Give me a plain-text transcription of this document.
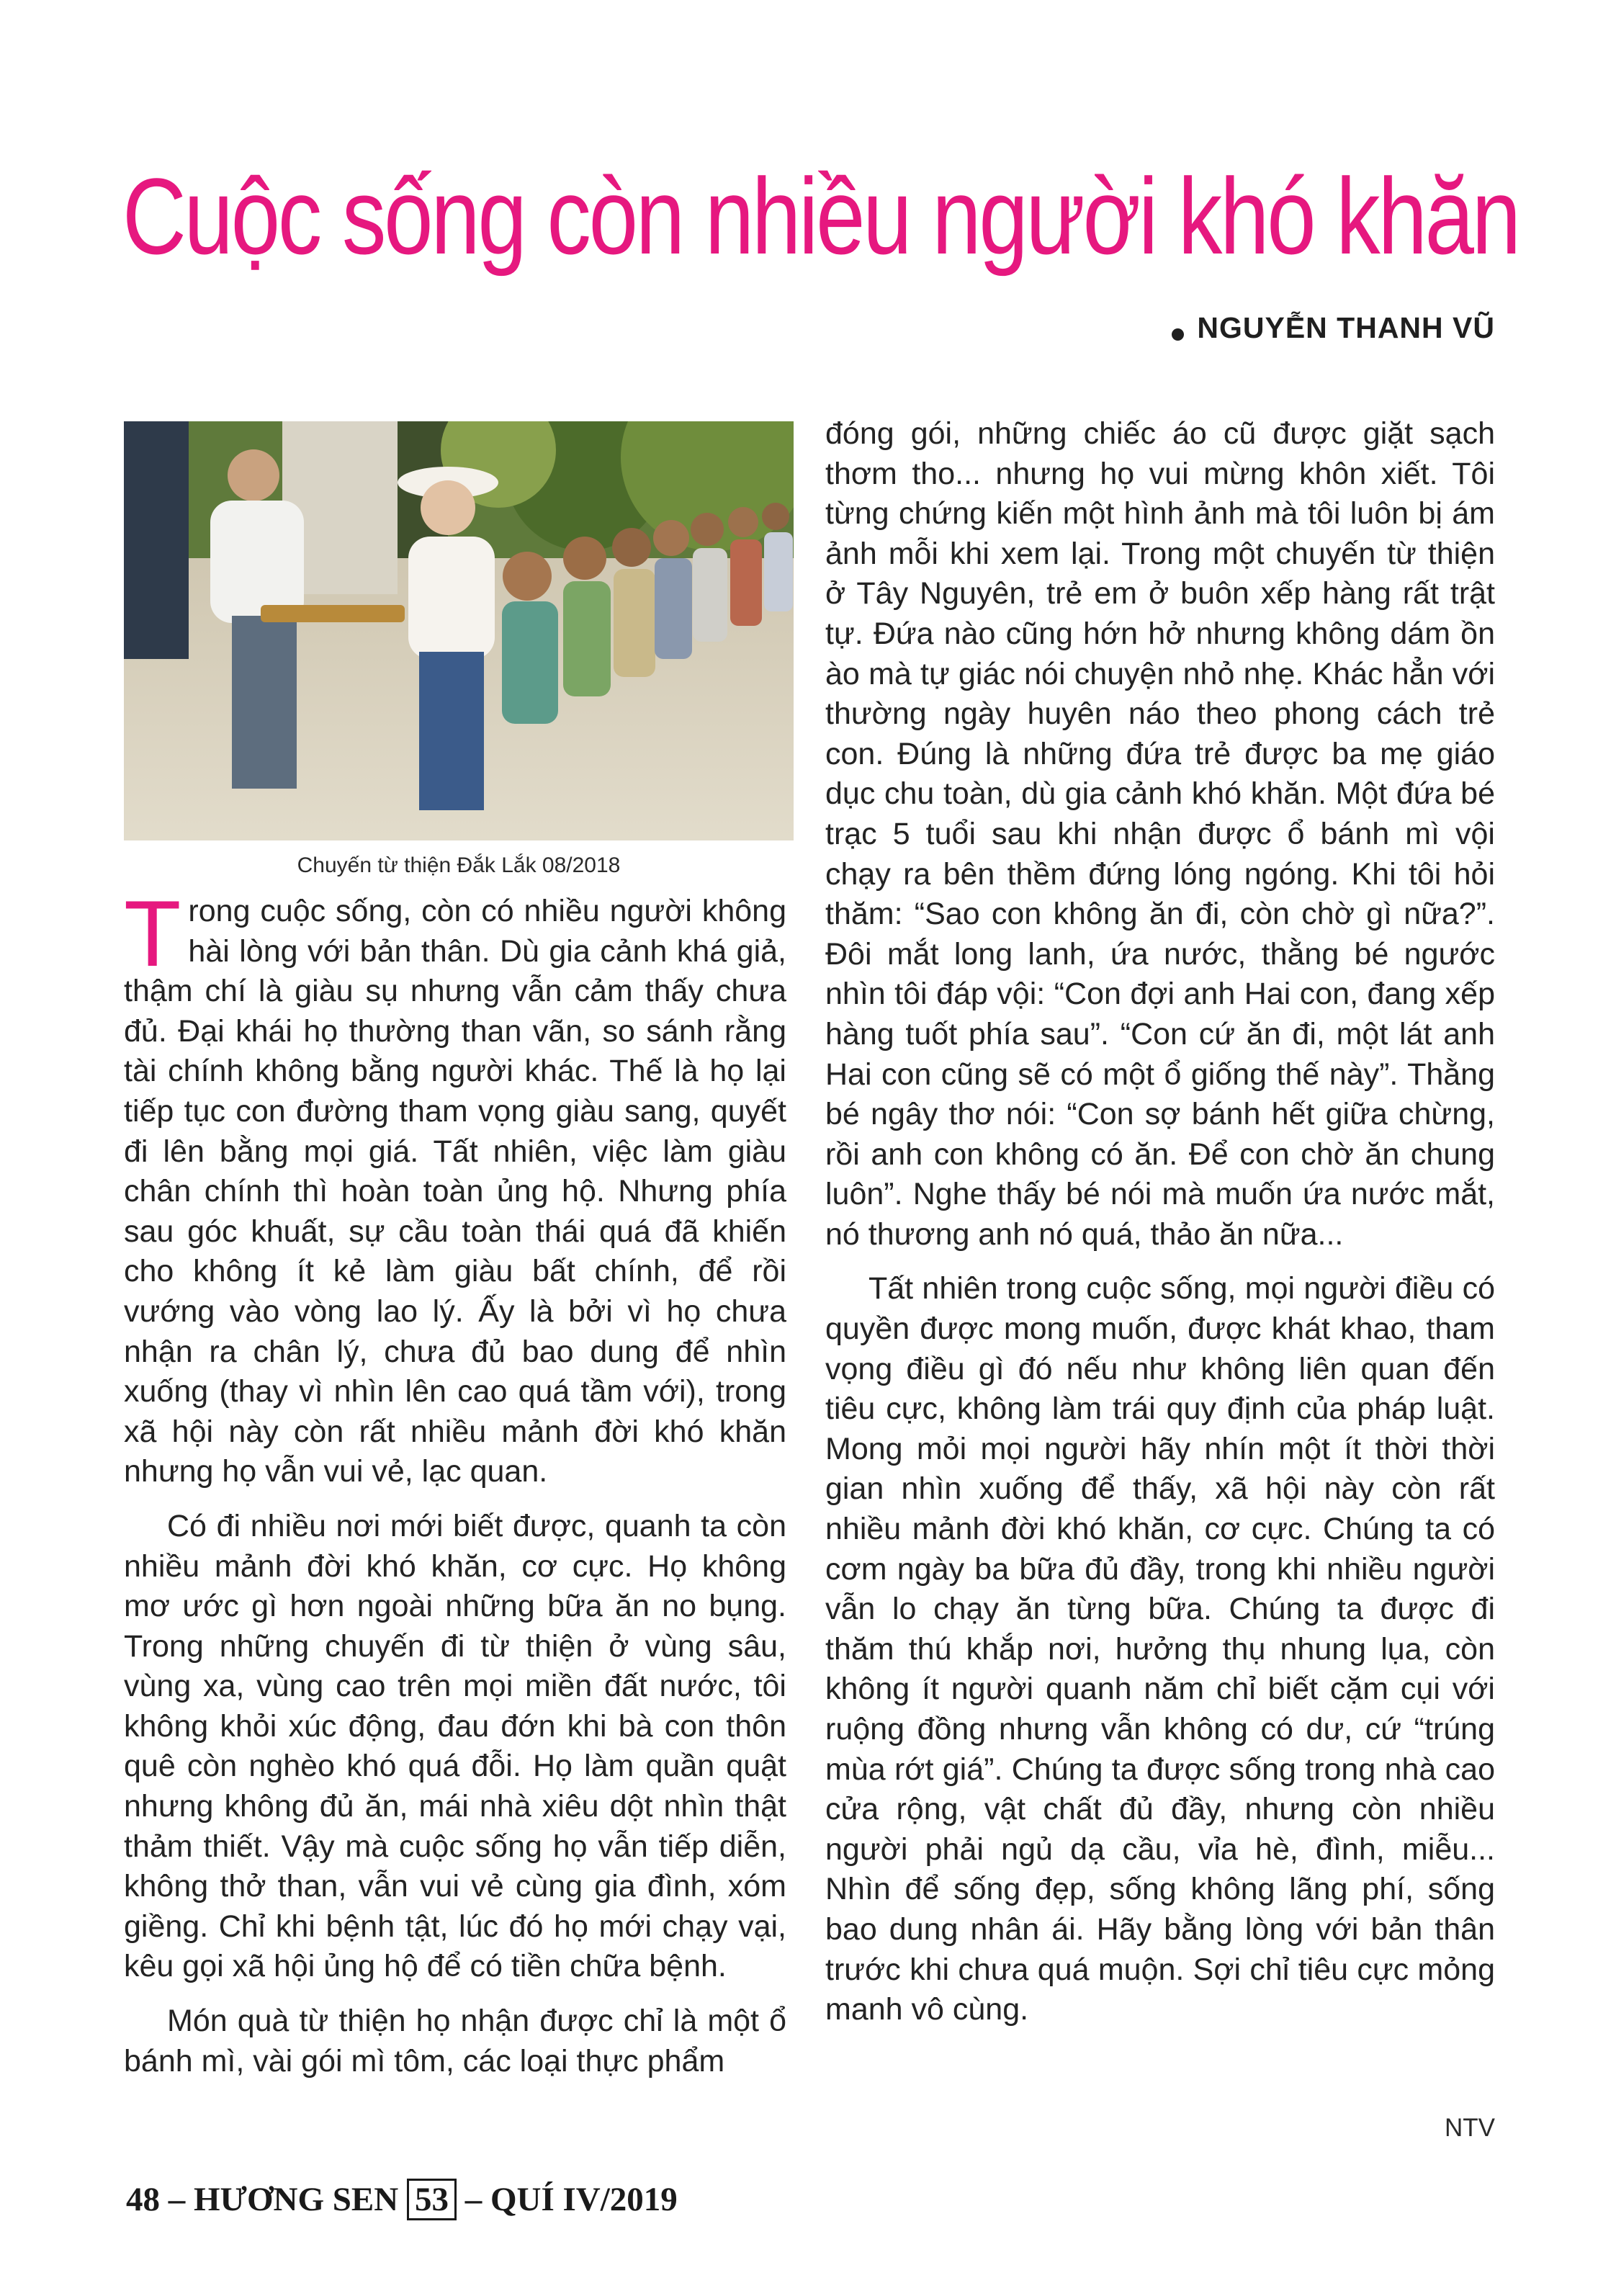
Cuộc sống còn nhiều người khó khăn
NGUYỄN THANH VŨ
Chuyến từ thiện Đắk Lắk 08/2018

Trong cuộc sống, còn có nhiều người không hài lòng với bản thân. Dù gia cảnh khá giả, thậm chí là giàu sụ nhưng vẫn cảm thấy chưa đủ. Đại khái họ thường than vãn, so sánh rằng tài chính không bằng người khác. Thế là họ lại tiếp tục con đường tham vọng giàu sang, quyết đi lên bằng mọi giá. Tất nhiên, việc làm giàu chân chính thì hoàn toàn ủng hộ. Nhưng phía sau góc khuất, sự cầu toàn thái quá đã khiến cho không ít kẻ làm giàu bất chính, để rồi vướng vào vòng lao lý. Ấy là bởi vì họ chưa nhận ra chân lý, chưa đủ bao dung để nhìn xuống (thay vì nhìn lên cao quá tầm với), trong xã hội này còn rất nhiều mảnh đời khó khăn nhưng họ vẫn vui vẻ, lạc quan.

Có đi nhiều nơi mới biết được, quanh ta còn nhiều mảnh đời khó khăn, cơ cực. Họ không mơ ước gì hơn ngoài những bữa ăn no bụng. Trong những chuyến đi từ thiện ở vùng sâu, vùng xa, vùng cao trên mọi miền đất nước, tôi không khỏi xúc động, đau đớn khi bà con thôn quê còn nghèo khó quá đỗi. Họ làm quần quật nhưng không đủ ăn, mái nhà xiêu dột nhìn thật thảm thiết. Vậy mà cuộc sống họ vẫn tiếp diễn, không thở than, vẫn vui vẻ cùng gia đình, xóm giềng. Chỉ khi bệnh tật, lúc đó họ mới chạy vại, kêu gọi xã hội ủng hộ để có tiền chữa bệnh.

Món quà từ thiện họ nhận được chỉ là một ổ bánh mì, vài gói mì tôm, các loại thực phẩm

đóng gói, những chiếc áo cũ được giặt sạch thơm tho... nhưng họ vui mừng khôn xiết. Tôi từng chứng kiến một hình ảnh mà tôi luôn bị ám ảnh mỗi khi xem lại. Trong một chuyến từ thiện ở Tây Nguyên, trẻ em ở buôn xếp hàng rất trật tự. Đứa nào cũng hớn hở nhưng không dám ồn ào mà tự giác nói chuyện nhỏ nhẹ. Khác hẳn với thường ngày huyên náo theo phong cách trẻ con. Đúng là những đứa trẻ được ba mẹ giáo dục chu toàn, dù gia cảnh khó khăn. Một đứa bé trạc 5 tuổi sau khi nhận được ổ bánh mì vội chạy ra bên thềm đứng lóng ngóng. Khi tôi hỏi thăm: “Sao con không ăn đi, còn chờ gì nữa?”. Đôi mắt long lanh, ứa nước, thằng bé ngước nhìn tôi đáp vội: “Con đợi anh Hai con, đang xếp hàng tuốt phía sau”. “Con cứ ăn đi, một lát anh Hai con cũng sẽ có một ổ giống thế này”. Thằng bé ngây thơ nói: “Con sợ bánh hết giữa chừng, rồi anh con không có ăn. Để con chờ ăn chung luôn”. Nghe thấy bé nói mà muốn ứa nước mắt, nó thương anh nó quá, thảo ăn nữa...

Tất nhiên trong cuộc sống, mọi người điều có quyền được mong muốn, được khát khao, tham vọng điều gì đó nếu như không liên quan đến tiêu cực, không làm trái quy định của pháp luật. Mong mỏi mọi người hãy nhín một ít thời thời gian nhìn xuống để thấy, xã hội này còn rất nhiều mảnh đời khó khăn, cơ cực. Chúng ta có cơm ngày ba bữa đủ đầy, trong khi nhiều người vẫn lo chạy ăn từng bữa. Chúng ta được đi thăm thú khắp nơi, hưởng thụ nhung lụa, còn không ít người quanh năm chỉ biết cặm cụi với ruộng đồng nhưng vẫn không có dư, cứ “trúng mùa rớt giá”. Chúng ta được sống trong nhà cao cửa rộng, vật chất đủ đầy, nhưng còn nhiều người phải ngủ dạ cầu, vỉa hè, đình, miễu... Nhìn để sống đẹp, sống không lãng phí, sống bao dung nhân ái. Hãy bằng lòng với bản thân trước khi chưa quá muộn. Sợi chỉ tiêu cực mỏng manh vô cùng.

NTV
48 – HƯƠNG SEN 53 – QUÍ IV/2019
